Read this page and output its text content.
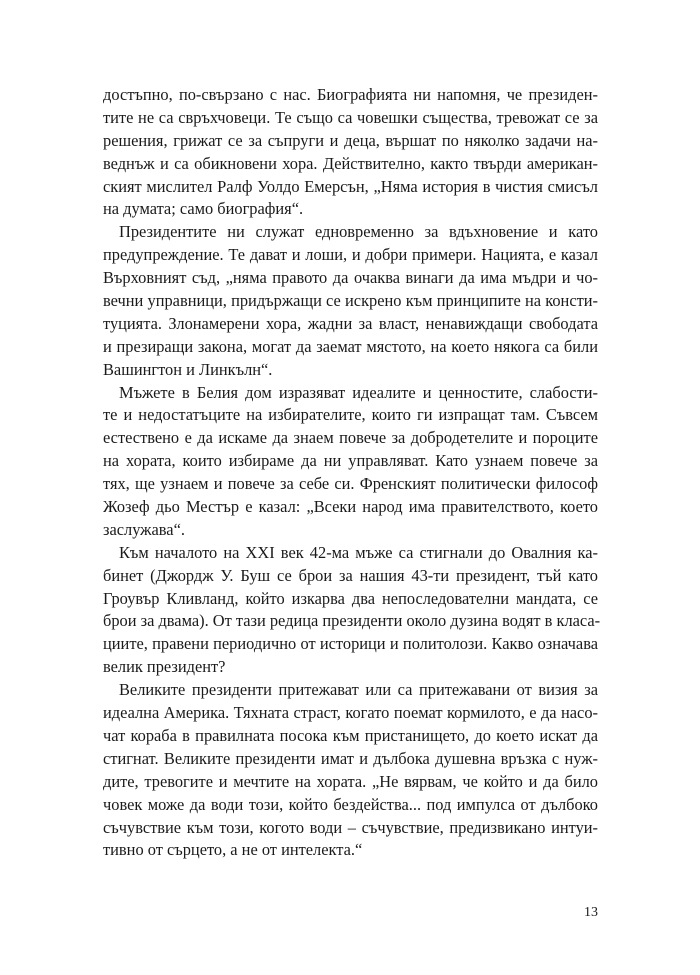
достъпно, по-свързано с нас. Биографията ни напомня, че президен-
тите не са свръхчовеци. Те също са човешки същества, тревожат се за
решения, грижат се за съпруги и деца, вършат по няколко задачи на-
веднъж и са обикновени хора. Действително, както твърди американ-
ският мислител Ралф Уолдо Емерсън, „Няма история в чистия смисъл
на думата; само биография“.
Президентите ни служат едновременно за вдъхновение и като
предупреждение. Те дават и лоши, и добри примери. Нацията, е казал
Върховният съд, „няма правото да очаква винаги да има мъдри и чо-
вечни управници, придържащи се искрено към принципите на консти-
туцията. Злонамерени хора, жадни за власт, ненавиждащи свободата
и презиращи закона, могат да заемат мястото, на което някога са били
Вашингтон и Линкълн“.
Мъжете в Белия дом изразяват идеалите и ценностите, слабости-
те и недостатъците на избирателите, които ги изпращат там. Съвсем
естествено е да искаме да знаем повече за добродетелите и пороците
на хората, които избираме да ни управляват. Като узнаем повече за
тях, ще узнаем и повече за себе си. Френският политически философ
Жозеф дьо Местър е казал: „Всеки народ има правителството, което
заслужава“.
Към началото на XXI век 42-ма мъже са стигнали до Овалния ка-
бинет (Джордж У. Буш се брои за нашия 43-ти президент, тъй като
Гроувър Кливланд, който изкарва два непоследователни мандата, се
брои за двама). От тази редица президенти около дузина водят в класа-
циите, правени периодично от историци и политолози. Какво означава
велик президент?
Великите президенти притежават или са притежавани от визия за
идеална Америка. Тяхната страст, когато поемат кормилото, е да насо-
чат кораба в правилната посока към пристанището, до което искат да
стигнат. Великите президенти имат и дълбока душевна връзка с нуж-
дите, тревогите и мечтите на хората. „Не вярвам, че който и да било
човек може да води този, който бездейства... под импулса от дълбоко
съчувствие към този, когото води – съчувствие, предизвикано интуи-
тивно от сърцето, а не от интелекта.“
13
